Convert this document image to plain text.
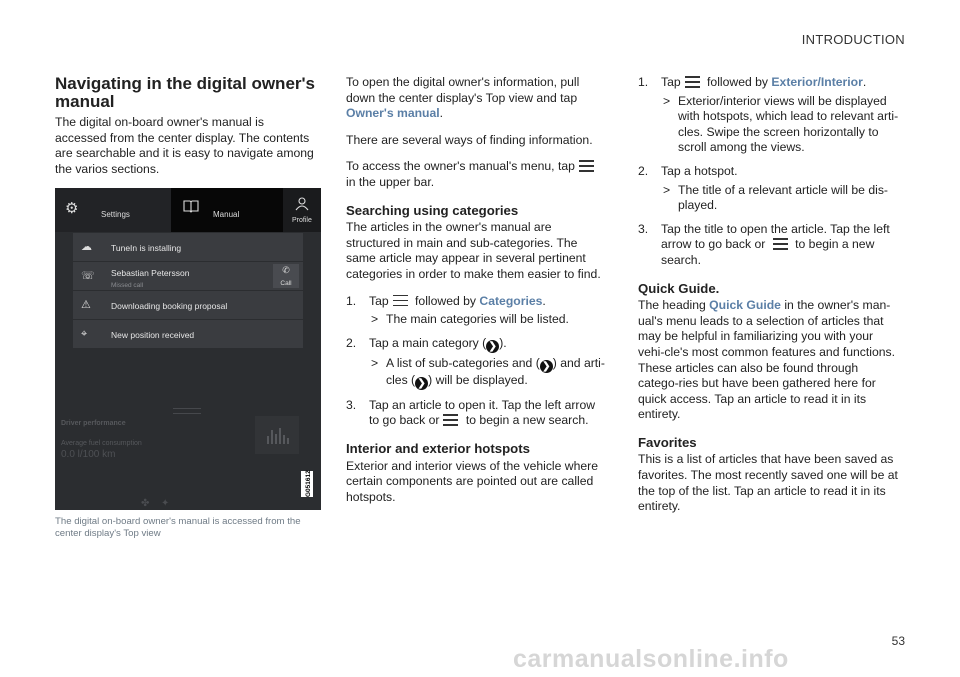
INTRODUCTION
Navigating in the digital owner's manual

The digital on-board owner's manual is accessed from the center display. The contents are searchable and it is easy to navigate among the varios sections.

⚙	Settings	Manual
Profile
☁ TuneIn is installing
☏ Sebastian Petersson
Missed call
✆
Call
⚠ Downloading booking proposal
⌖	New position received
Driver performance
Average fuel consumption
0.0 l/100 km
✤ ✦
G051612
The digital on-board owner's manual is accessed from the center display's Top view

To open the digital owner's information, pull down the center display's Top view and tap Owner's manual.

There are several ways of finding information.

To access the owner's manual's menu, tap

in the upper bar.

Searching using categories

The articles in the owner's manual are structured in main and sub-categories. The same article may appear in several pertinent categories in order to make them easier to find.

1. Tap followed by Categories.
> The main categories will be listed.
2. Tap a main category ( ❯ ).
> A list of sub-categories and ( ❯ ) and arti-cles ( ❯ ) will be displayed.
3. Tap an article to open it. Tap the left arrow to go back or to begin a new search.
Interior and exterior hotspots

Exterior and interior views of the vehicle where certain components are pointed out are called hotspots.

1. Tap followed by Exterior/Interior.
> Exterior/interior views will be displayed with hotspots, which lead to relevant arti-cles. Swipe the screen horizontally to scroll among the views.
2. Tap a hotspot.
> The title of a relevant article will be dis-played.
3. Tap the title to open the article. Tap the left arrow to go back or to begin a new search.
Quick Guide.

The heading Quick Guide in the owner's man-ual's menu leads to a selection of articles that may be helpful in familiarizing you with your vehi-cle's most common features and functions. These articles can also be found through catego-ries but have been gathered here for quick access. Tap an article to read it in its entirety.

Favorites

This is a list of articles that have been saved as favorites. The most recently saved one will be at the top of the list. Tap an article to read it in its entirety.

53
carmanualsonline.info
